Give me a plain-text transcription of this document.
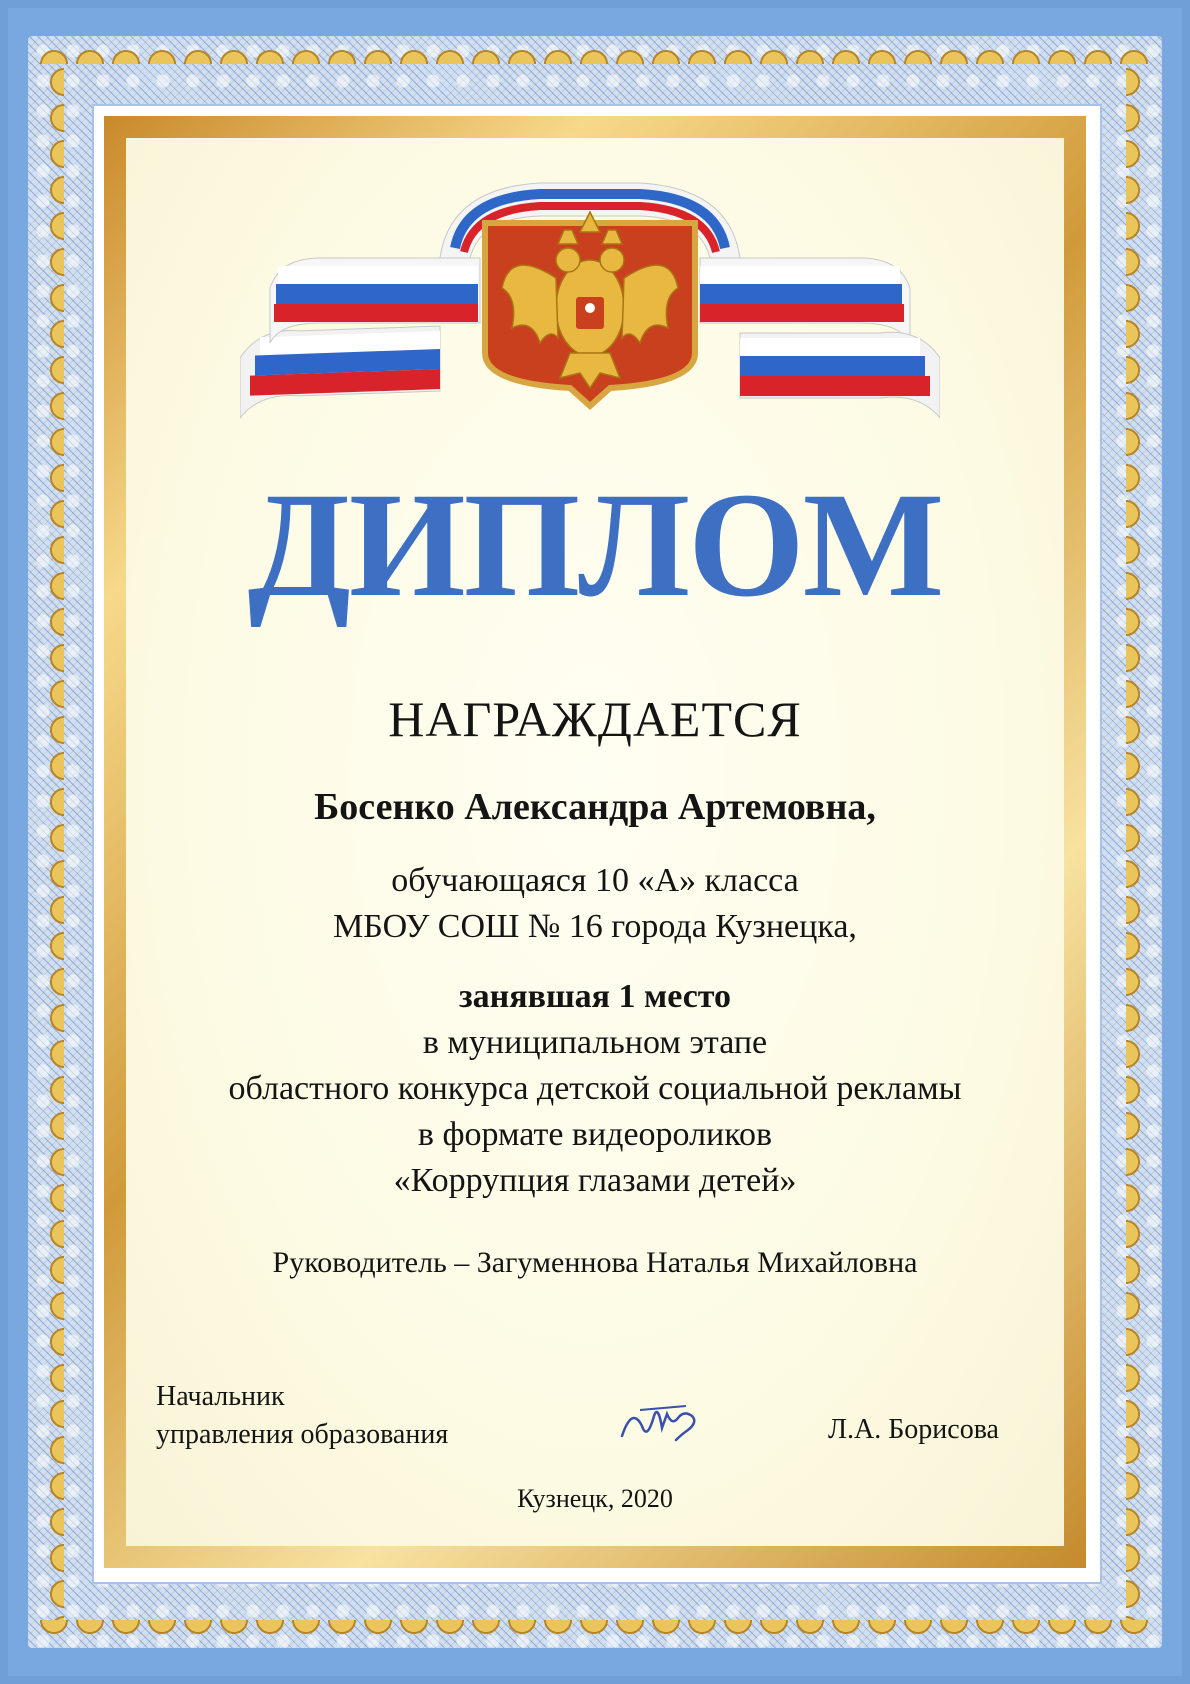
ДИПЛОМ
НАГРАЖДАЕТСЯ
Босенко Александра Артемовна,
обучающаяся 10 «А» класса
МБОУ СОШ № 16 города Кузнецка,
занявшая 1 место
в муниципальном этапе
областного конкурса детской социальной рекламы
в формате видеороликов
«Коррупция глазами детей»
Руководитель – Загуменнова Наталья Михайловна
Начальник
управления образования	Л.А. Борисова
Кузнецк, 2020
